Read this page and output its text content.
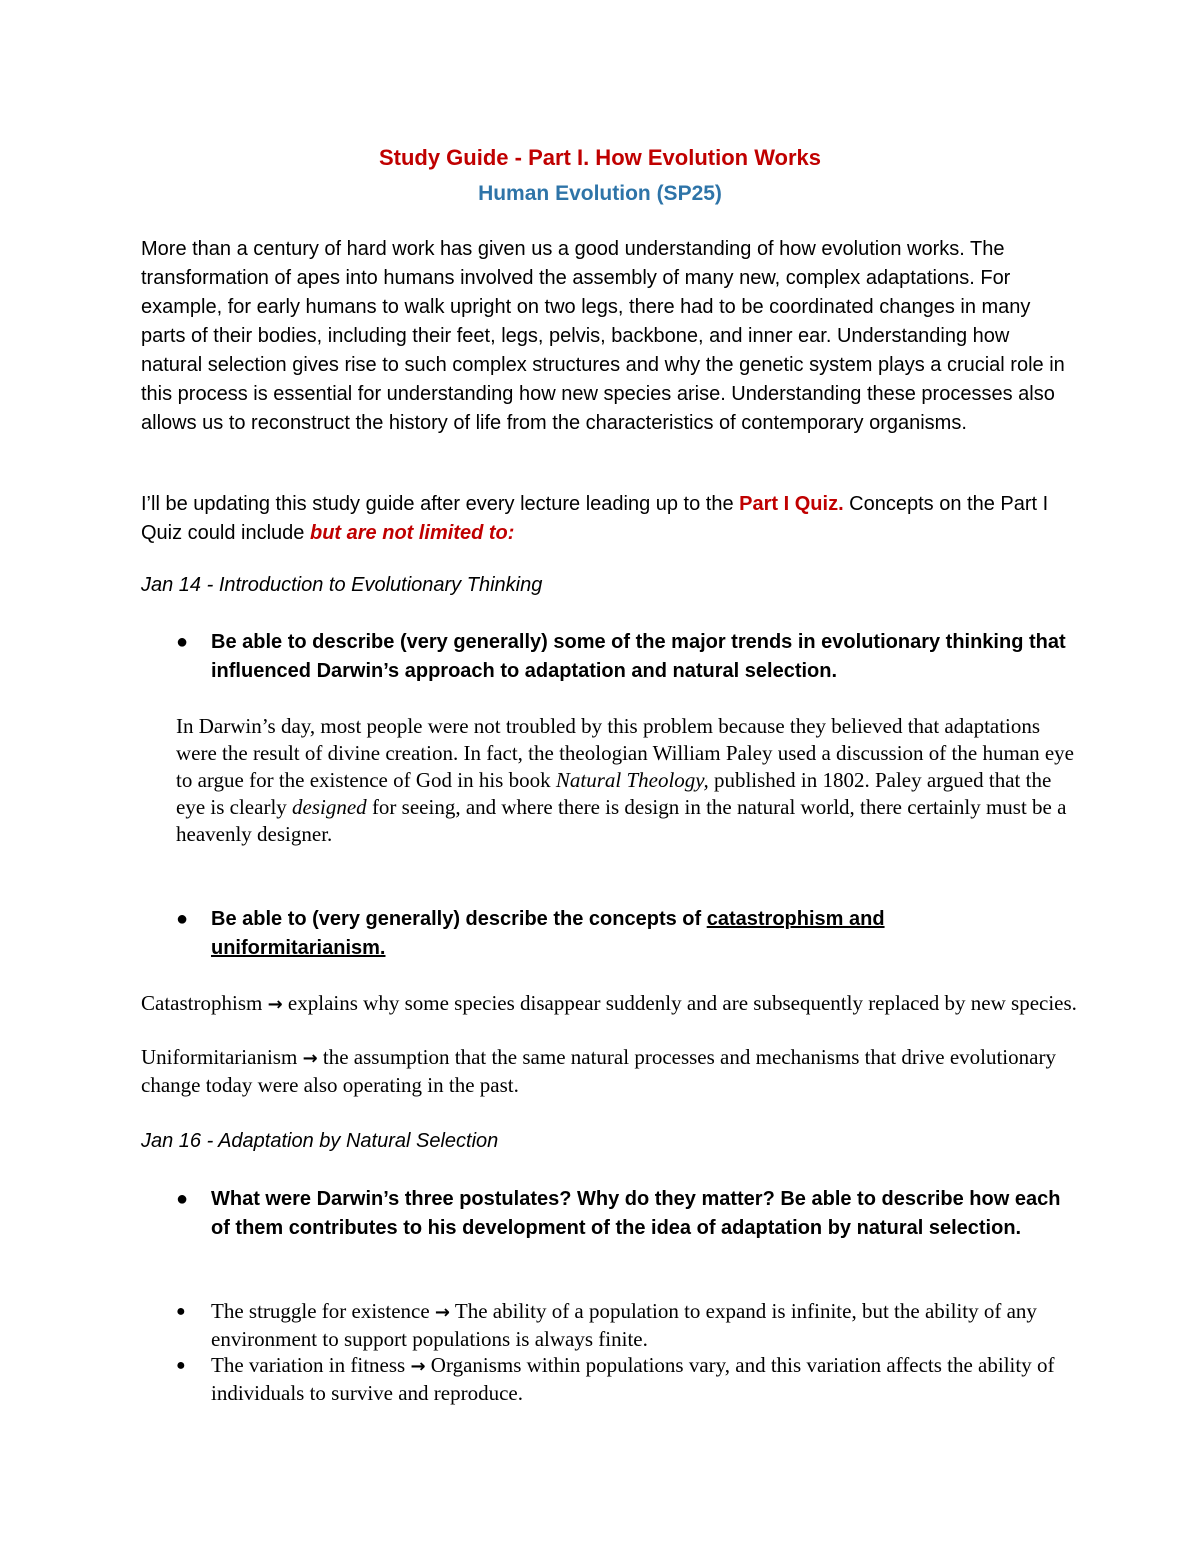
Study Guide - Part I. How Evolution Works
Human Evolution (SP25)
More than a century of hard work has given us a good understanding of how evolution works. The transformation of apes into humans involved the assembly of many new, complex adaptations. For example, for early humans to walk upright on two legs, there had to be coordinated changes in many parts of their bodies, including their feet, legs, pelvis, backbone, and inner ear. Understanding how natural selection gives rise to such complex structures and why the genetic system plays a crucial role in this process is essential for understanding how new species arise. Understanding these processes also allows us to reconstruct the history of life from the characteristics of contemporary organisms.
I’ll be updating this study guide after every lecture leading up to the Part I Quiz. Concepts on the Part I Quiz could include but are not limited to:
Jan 14 - Introduction to Evolutionary Thinking
● Be able to describe (very generally) some of the major trends in evolutionary thinking that influenced Darwin’s approach to adaptation and natural selection.
In Darwin’s day, most people were not troubled by this problem because they believed that adaptations were the result of divine creation. In fact, the theologian William Paley used a discussion of the human eye to argue for the existence of God in his book Natural Theology, published in 1802. Paley argued that the eye is clearly designed for seeing, and where there is design in the natural world, there certainly must be a heavenly designer.
● Be able to (very generally) describe the concepts of catastrophism and
uniformitarianism.
Catastrophism → explains why some species disappear suddenly and are subsequently replaced by new species.
Uniformitarianism → the assumption that the same natural processes and mechanisms that drive evolutionary change today were also operating in the past.
Jan 16 - Adaptation by Natural Selection
● What were Darwin’s three postulates? Why do they matter? Be able to describe how each of them contributes to his development of the idea of adaptation by natural selection.
● The struggle for existence → The ability of a population to expand is infinite, but the ability of any environment to support populations is always finite.
● The variation in fitness → Organisms within populations vary, and this variation affects the ability of individuals to survive and reproduce.
